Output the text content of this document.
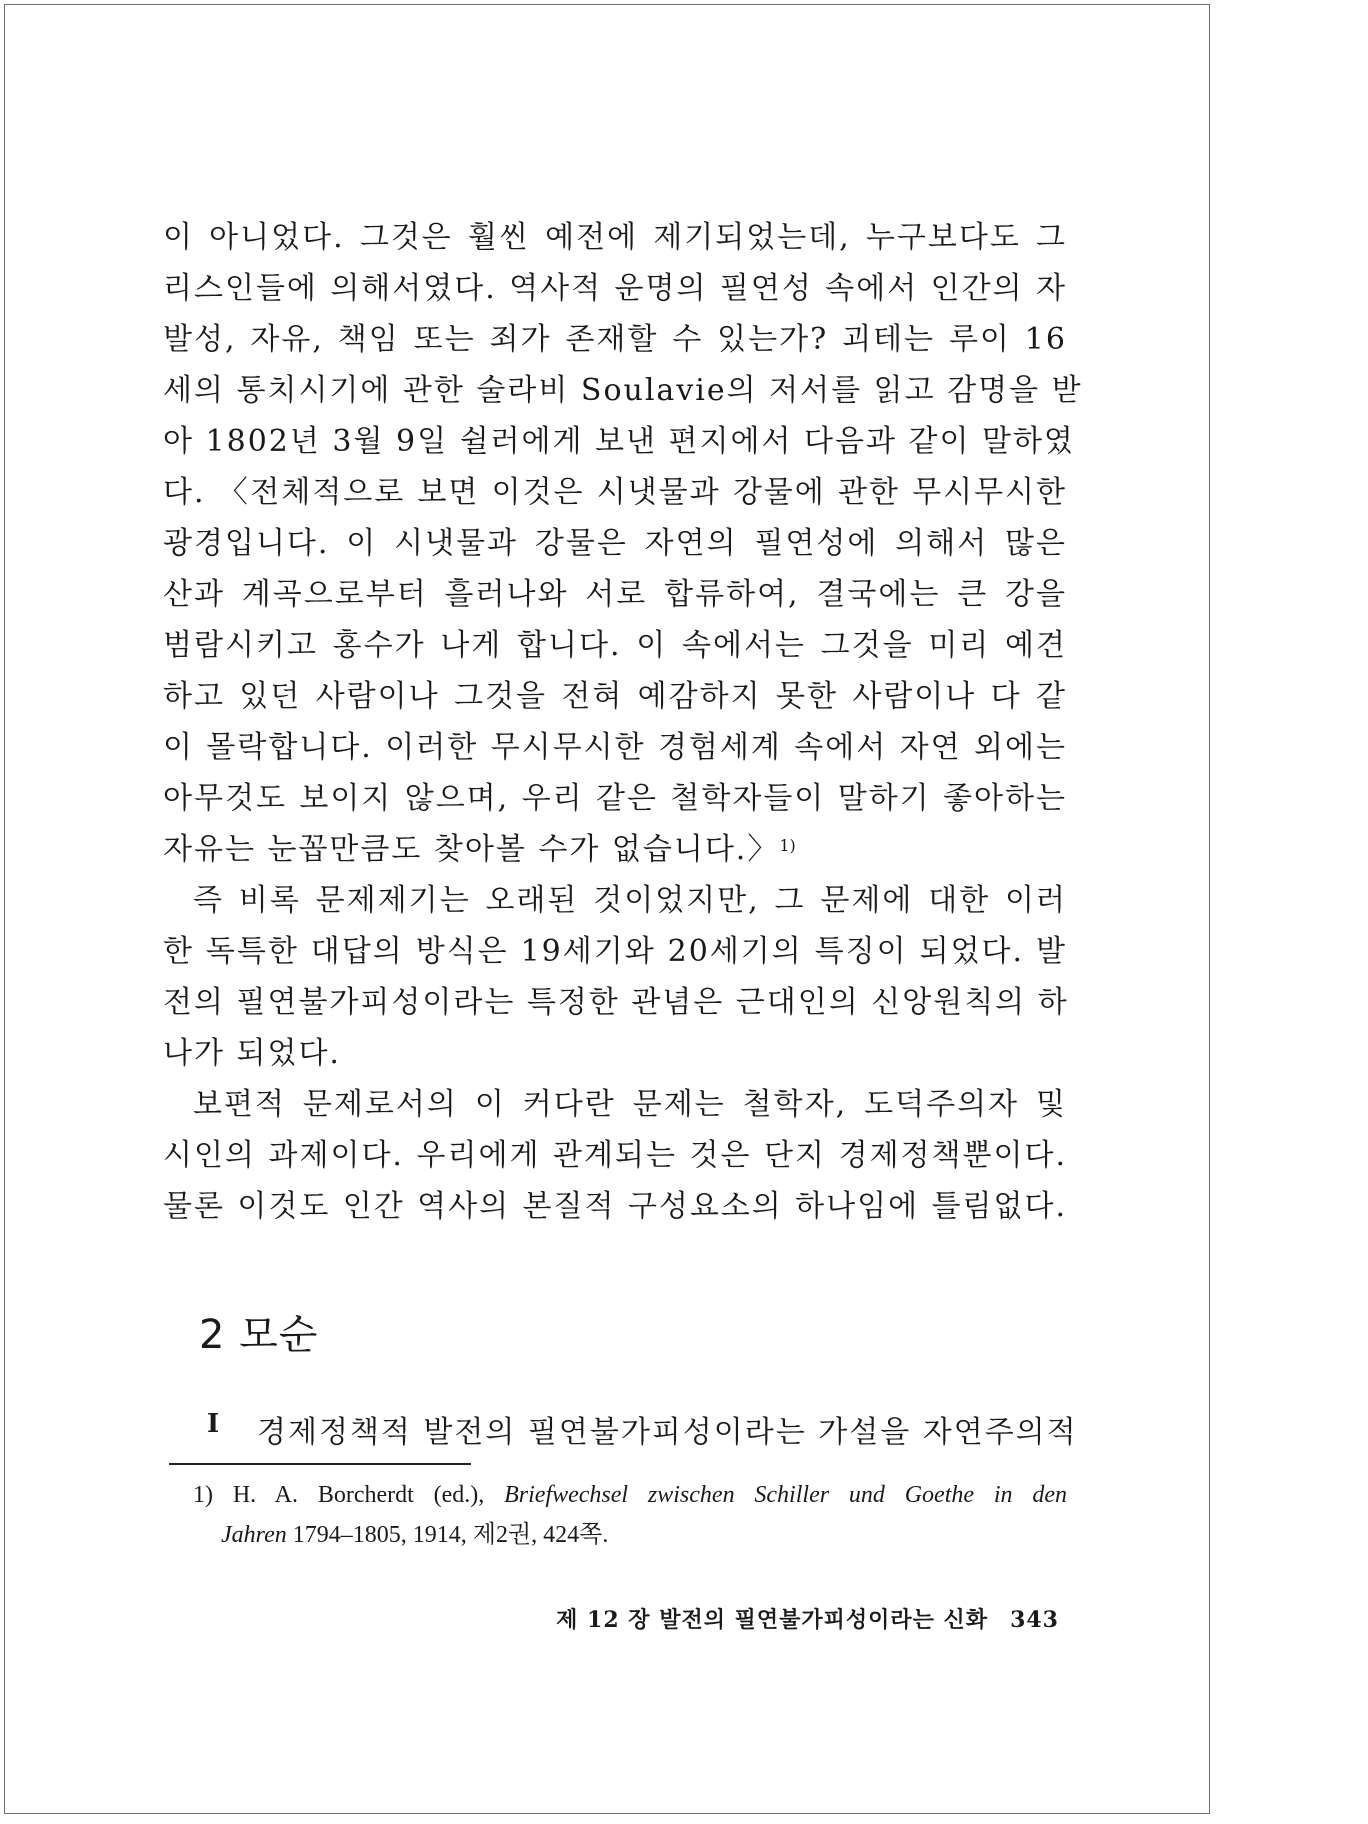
이 아니었다. 그것은 훨씬 예전에 제기되었는데, 누구보다도 그
리스인들에 의해서였다. 역사적 운명의 필연성 속에서 인간의 자
발성, 자유, 책임 또는 죄가 존재할 수 있는가? 괴테는 루이 16
세의 통치시기에 관한 술라비 Soulavie의 저서를 읽고 감명을 받
아 1802년 3월 9일 쉴러에게 보낸 편지에서 다음과 같이 말하였
다. 〈전체적으로 보면 이것은 시냇물과 강물에 관한 무시무시한
광경입니다. 이 시냇물과 강물은 자연의 필연성에 의해서 많은
산과 계곡으로부터 흘러나와 서로 합류하여, 결국에는 큰 강을
범람시키고 홍수가 나게 합니다. 이 속에서는 그것을 미리 예견
하고 있던 사람이나 그것을 전혀 예감하지 못한 사람이나 다 같
이 몰락합니다. 이러한 무시무시한 경험세계 속에서 자연 외에는
아무것도 보이지 않으며, 우리 같은 철학자들이 말하기 좋아하는
자유는 눈꼽만큼도 찾아볼 수가 없습니다.〉$^{1)}$
즉 비록 문제제기는 오래된 것이었지만, 그 문제에 대한 이러
한 독특한 대답의 방식은 19세기와 20세기의 특징이 되었다. 발
전의 필연불가피성이라는 특정한 관념은 근대인의 신앙원칙의 하
나가 되었다.
보편적 문제로서의 이 커다란 문제는 철학자, 도덕주의자 및
시인의 과제이다. 우리에게 관계되는 것은 단지 경제정책뿐이다.
물론 이것도 인간 역사의 본질적 구성요소의 하나임에 틀림없다.
2 모순
I 경제정책적 발전의 필연불가피성이라는 가설을 자연주의적
1) H. A. Borcherdt (ed.), Briefwechsel zwischen Schiller und Goethe in den
Jahren 1794–1805, 1914, 제2권, 424쪽.
제 12 장 발전의 필연불가피성이라는 신화 343
